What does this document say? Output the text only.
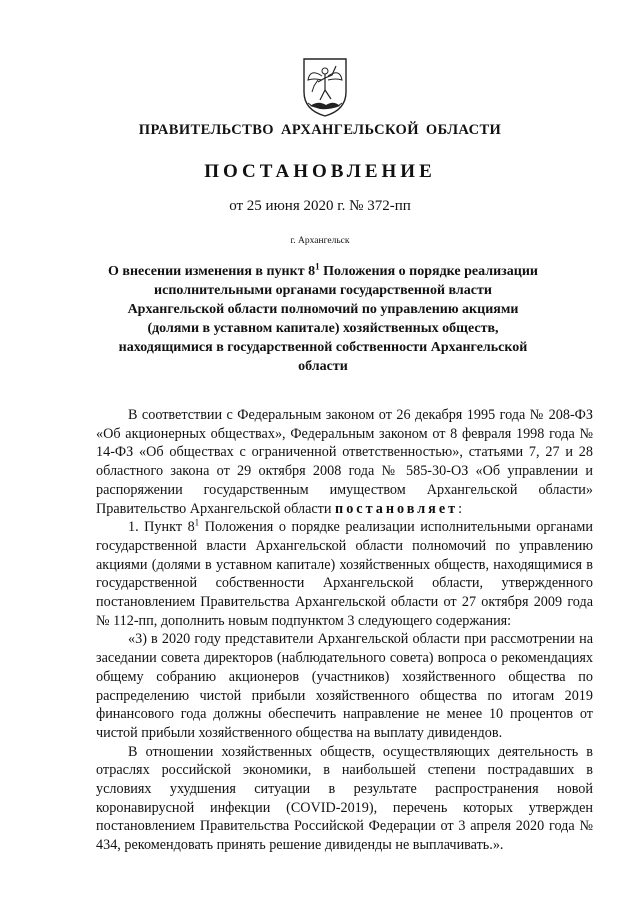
ПРАВИТЕЛЬСТВО АРХАНГЕЛЬСКОЙ ОБЛАСТИ
ПОСТАНОВЛЕНИЕ
от 25 июня 2020 г. № 372-пп
г. Архангельск
О внесении изменения в пункт $8^1$ Положения о порядке реализации исполнительными органами государственной власти Архангельской области полномочий по управлению акциями (долями в уставном капитале) хозяйственных обществ, находящимися в государственной собственности Архангельской области

В соответствии с Федеральным законом от 26 декабря 1995 года № 208-ФЗ «Об акционерных обществах», Федеральным законом от 8 февраля 1998 года № 14-ФЗ «Об обществах с ограниченной ответственностью», статьями 7, 27 и 28 областного закона от 29 октября 2008 года № 585-30-ОЗ «Об управлении и распоряжении государственным имуществом Архангельской области» Правительство Архангельской области постановляет:

1. Пункт $8^1$ Положения о порядке реализации исполнительными органами государственной власти Архангельской области полномочий по управлению акциями (долями в уставном капитале) хозяйственных обществ, находящимися в государственной собственности Архангельской области, утвержденного постановлением Правительства Архангельской области от 27 октября 2009 года № 112-пп, дополнить новым подпунктом 3 следующего содержания:

«3) в 2020 году представители Архангельской области при рассмотрении на заседании совета директоров (наблюдательного совета) вопроса о рекомендациях общему собранию акционеров (участников) хозяйственного общества по распределению чистой прибыли хозяйственного общества по итогам 2019 финансового года должны обеспечить направление не менее 10 процентов от чистой прибыли хозяйственного общества на выплату дивидендов.

В отношении хозяйственных обществ, осуществляющих деятельность в отраслях российской экономики, в наибольшей степени пострадавших в условиях ухудшения ситуации в результате распространения новой коронавирусной инфекции (COVID-2019), перечень которых утвержден постановлением Правительства Российской Федерации от 3 апреля 2020 года № 434, рекомендовать принять решение дивиденды не выплачивать.».
